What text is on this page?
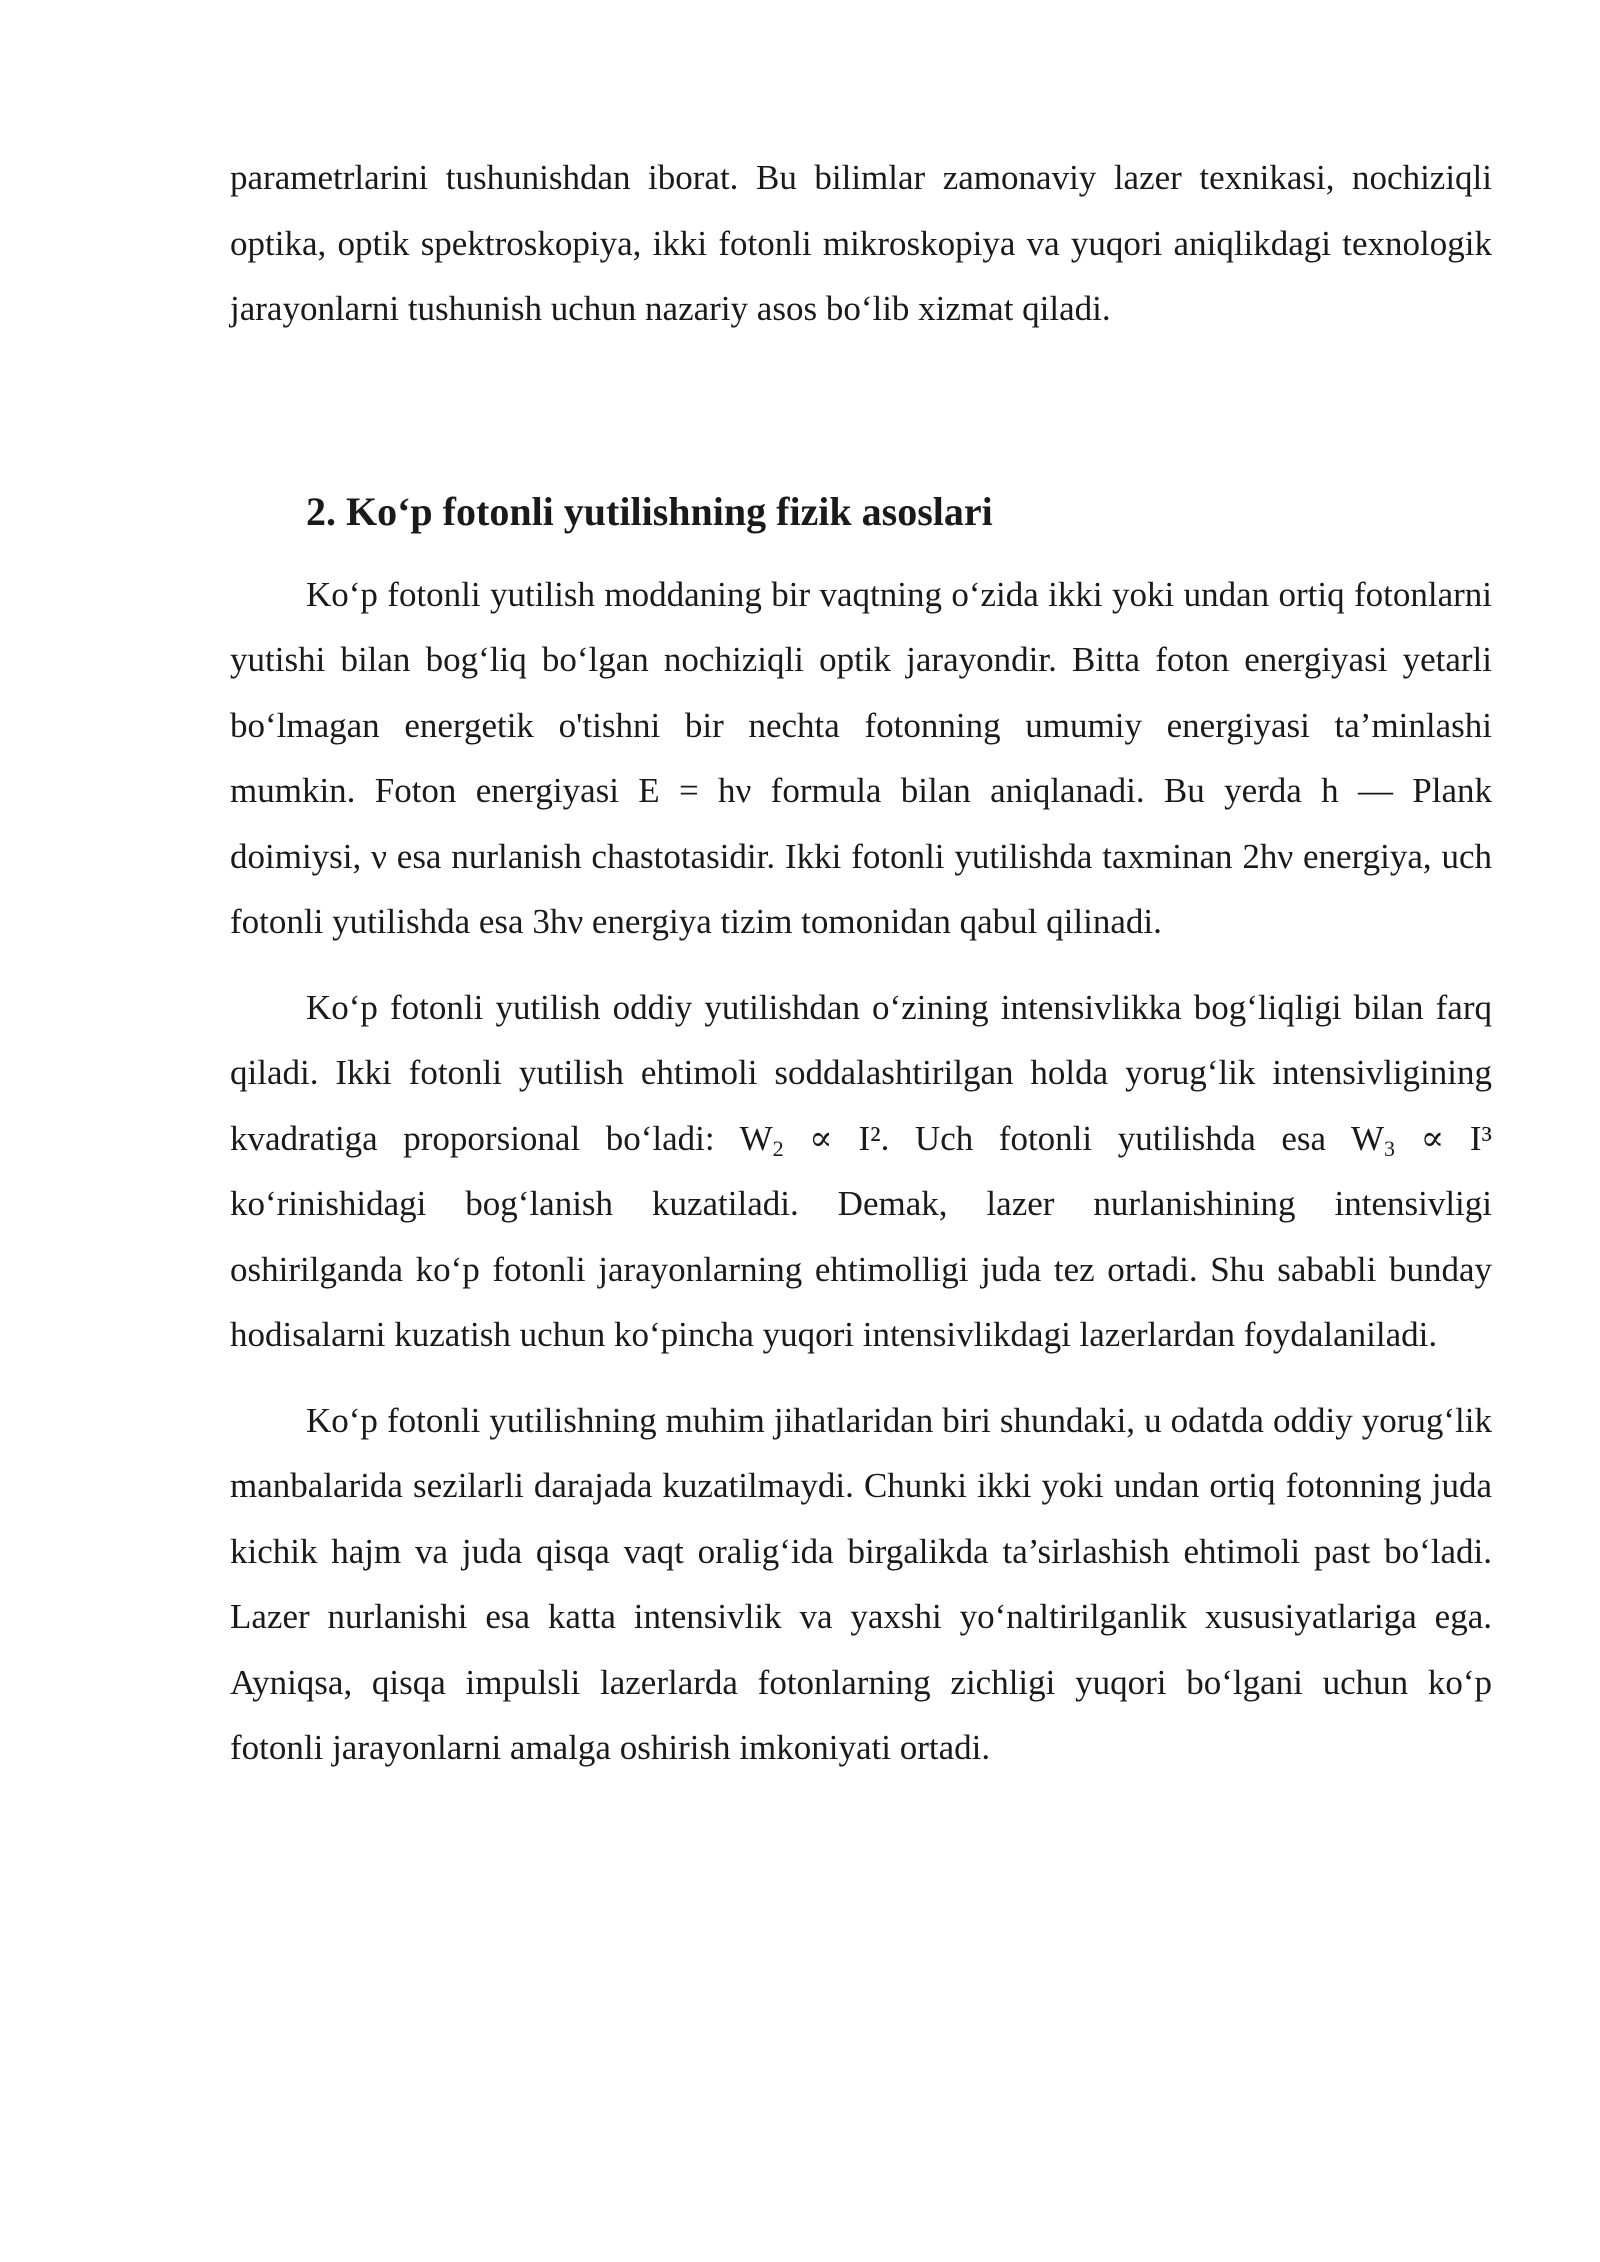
parametrlarini tushunishdan iborat. Bu bilimlar zamonaviy lazer texnikasi, nochiziqli optika, optik spektroskopiya, ikki fotonli mikroskopiya va yuqori aniqlikdagi texnologik jarayonlarni tushunish uchun nazariy asos bo‘lib xizmat qiladi.

2. Ko‘p fotonli yutilishning fizik asoslari

Ko‘p fotonli yutilish moddaning bir vaqtning o‘zida ikki yoki undan ortiq fotonlarni yutishi bilan bog‘liq bo‘lgan nochiziqli optik jarayondir. Bitta foton energiyasi yetarli bo‘lmagan energetik o'tishni bir nechta fotonning umumiy energiyasi ta’minlashi mumkin. Foton energiyasi E = hν formula bilan aniqlanadi. Bu yerda h — Plank doimiysi, ν esa nurlanish chastotasidir. Ikki fotonli yutilishda taxminan 2hν energiya, uch fotonli yutilishda esa 3hν energiya tizim tomonidan qabul qilinadi.

Ko‘p fotonli yutilish oddiy yutilishdan o‘zining intensivlikka bog‘liqligi bilan farq qiladi. Ikki fotonli yutilish ehtimoli soddalashtirilgan holda yorug‘lik intensivligining kvadratiga proporsional bo‘ladi: $W_2 \propto I^2$. Uch fotonli yutilishda esa $W_3 \propto I^3$ ko‘rinishidagi bog‘lanish kuzatiladi. Demak, lazer nurlanishining intensivligi oshirilganda ko‘p fotonli jarayonlarning ehtimolligi juda tez ortadi. Shu sababli bunday hodisalarni kuzatish uchun ko‘pincha yuqori intensivlikdagi lazerlardan foydalaniladi.

Ko‘p fotonli yutilishning muhim jihatlaridan biri shundaki, u odatda oddiy yorug‘lik manbalarida sezilarli darajada kuzatilmaydi. Chunki ikki yoki undan ortiq fotonning juda kichik hajm va juda qisqa vaqt oralig‘ida birgalikda ta’sirlashish ehtimoli past bo‘ladi. Lazer nurlanishi esa katta intensivlik va yaxshi yo‘naltirilganlik xususiyatlariga ega. Ayniqsa, qisqa impulsli lazerlarda fotonlarning zichligi yuqori bo‘lgani uchun ko‘p fotonli jarayonlarni amalga oshirish imkoniyati ortadi.
